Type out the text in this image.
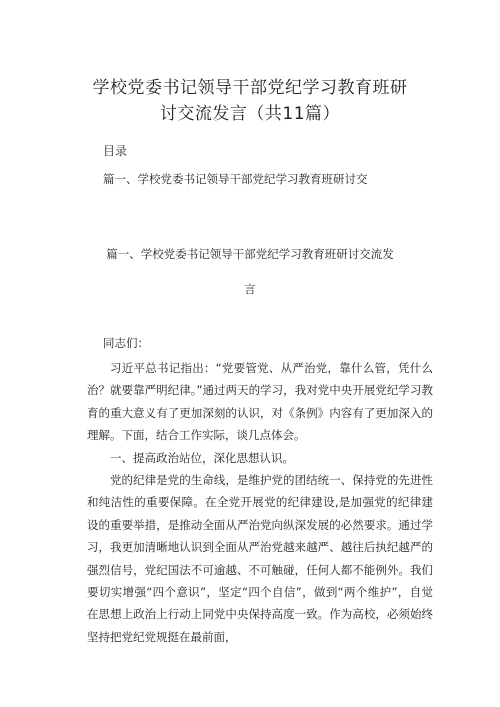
学校党委书记领导干部党纪学习教育班研
讨交流发言（共11篇）
目录
篇一、学校党委书记领导干部党纪学习教育班研讨交
篇一、学校党委书记领导干部党纪学习教育班研讨交流发
言
同志们：

习近平总书记指出：“党要管党、从严治党，靠什么管，凭什么治？就要靠严明纪律。”通过两天的学习，我对党中央开展党纪学习教育的重大意义有了更加深刻的认识，对《条例》内容有了更加深入的理解。下面，结合工作实际，谈几点体会。

一、提高政治站位，深化思想认识。

党的纪律是党的生命线，是维护党的团结统一、保持党的先进性和纯洁性的重要保障。在全党开展党的纪律建设,是加强党的纪律建设的重要举措，是推动全面从严治党向纵深发展的必然要求。通过学习，我更加清晰地认识到全面从严治党越来越严、越往后执纪越严的强烈信号，党纪国法不可逾越、不可触碰，任何人都不能例外。我们要切实增强“四个意识”，坚定“四个自信”，做到“两个维护”，自觉在思想上政治上行动上同党中央保持高度一致。作为高校，必须始终坚持把党纪党规挺在最前面，
